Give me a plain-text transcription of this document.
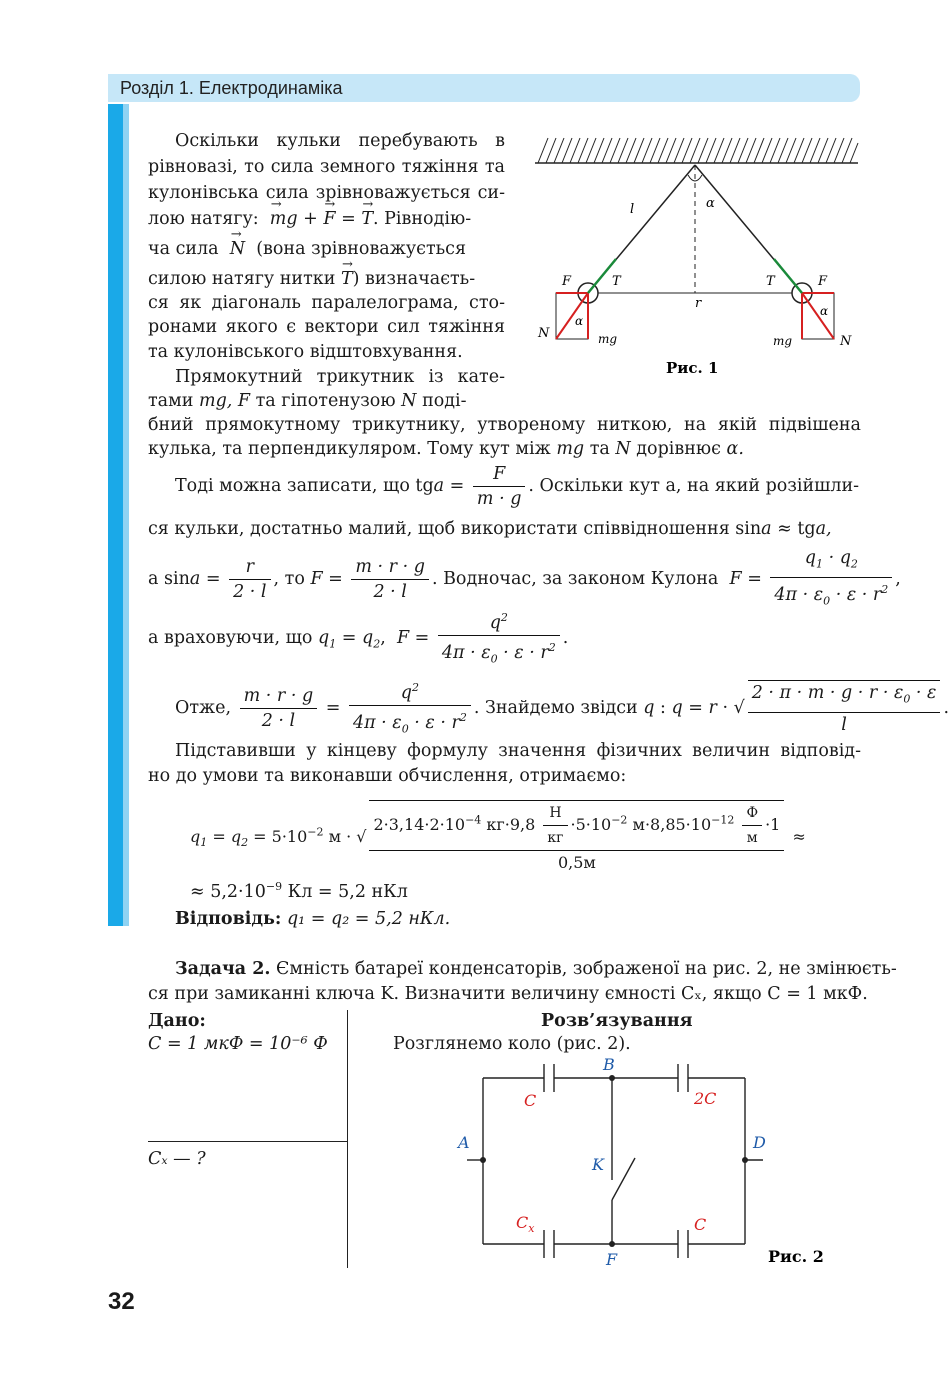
Розділ 1. Електродинаміка
Оскільки кульки перебувають в
рівновазі, то сила земного тяжіння та
кулонівська сила зрівноважується си-
лою натягу: → mg + → F = → T. Рівнодію-
ча сила → N (вона зрівноважується
силою натягу нитки → T) визначаєть-
ся як діагональ паралелограма, сто-
ронами якого є вектори сил тяжіння
та кулонівського відштовхування.
Прямокутний трикутник із кате-
тами mg, F та гіпотенузою N поді-
бний прямокутному трикутнику, утвореному ниткою, на якій підвішена
кулька, та перпендикуляром. Тому кут між mg та N дорівнює α.
Тоді можна записати, що tga = $\frac{F}{m \cdot g}$ . Оскільки кут a, на який розійшли-
ся кульки, достатньо малий, щоб використати співвідношення sina ≈ tga,
а $\sin a = \frac{r}{2 \cdot l}$ , то $F = \frac{m \cdot r \cdot g}{2 \cdot l}$ . Водночас, за законом Кулона $F = \frac{q_1 \cdot q_2}{4\pi \cdot \varepsilon_0 \cdot \varepsilon \cdot r^2}$ ,
а враховуючи, що $q_1 = q_2$,  $F = \frac{q^2}{4\pi \cdot \varepsilon_0 \cdot \varepsilon \cdot r^2}$ .
Отже, $\frac{m \cdot r \cdot g}{2 \cdot l} = \frac{q^2}{4\pi \cdot \varepsilon_0 \cdot \varepsilon \cdot r^2}$ . Знайдемо звідси q : q = r · √ $\frac{2 \cdot \pi \cdot m \cdot g \cdot r \cdot \varepsilon_0 \cdot \varepsilon}{l}$ .
Підставивши у кінцеву формулу значення фізичних величин відповід-
но до умови та виконавши обчислення, отримаємо:
$q_1 = q_2 = 5\cdot 10^{-2}$ м · √ $\frac{2\cdot 3,14\cdot 2\cdot 10^{-4} кг\cdot 9,8 \frac{Н}{кг} \cdot 5\cdot 10^{-2} м\cdot 8,85\cdot 10^{-12} \frac{Ф}{м} \cdot 1}{0,5м}$ ≈
≈ $5,2\cdot 10^{-9}$ Кл = 5,2 нКл
Відповідь: q₁ = q₂ = 5,2 нКл.
Задача 2. Ємність батареї конденсаторів, зображеної на рис. 2, не змінюєть-
ся при замиканні ключа K. Визначити величину ємності Cₓ, якщо C = 1 мкФ.
Дано:
C = 1 мкФ = 10⁻⁶ Ф
Cₓ — ?
Розв’язування
Розглянемо коло (рис. 2).
l	α
r
F	T
N
α
mg
T	F
N
α
mg
Рис. 1
B
A	D
F
K
C	2C
$C_x$	C
Рис. 2
32
